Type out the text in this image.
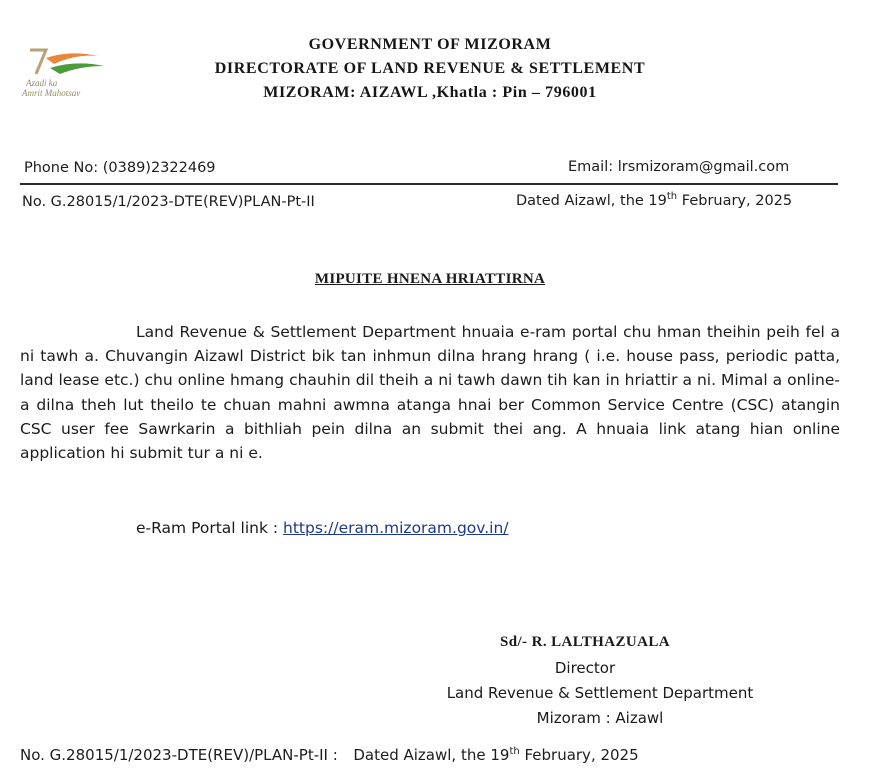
Azadi ka
Amrit Mahotsav
GOVERNMENT OF MIZORAM
DIRECTORATE OF LAND REVENUE & SETTLEMENT
MIZORAM: AIZAWL ,Khatla : Pin – 796001
Phone No: (0389)2322469	Email: lrsmizoram@gmail.com
No. G.28015/1/2023-DTE(REV)PLAN-Pt-II	Dated Aizawl, the 19th February, 2025
MIPUITE HNENA HRIATTIRNA
Land Revenue & Settlement Department hnuaia e-ram portal chu hman theihin peih fel a ni tawh a. Chuvangin Aizawl District bik tan inhmun dilna hrang hrang ( i.e. house pass, periodic patta, land lease etc.) chu online hmang chauhin dil theih a ni tawh dawn tih kan in hriattir a ni. Mimal a online- a dilna theh lut theilo te chuan mahni awmna atanga hnai ber Common Service Centre (CSC) atangin CSC user fee Sawrkarin a bithliah pein dilna an submit thei ang. A hnuaia link atang hian online application hi submit tur a ni e.
e-Ram Portal link : https://eram.mizoram.gov.in/
Sd/- R. LALTHAZUALA
Director
Land Revenue & Settlement Department
Mizoram : Aizawl
No. G.28015/1/2023-DTE(REV)/PLAN-Pt-II : Dated Aizawl, the 19th February, 2025
